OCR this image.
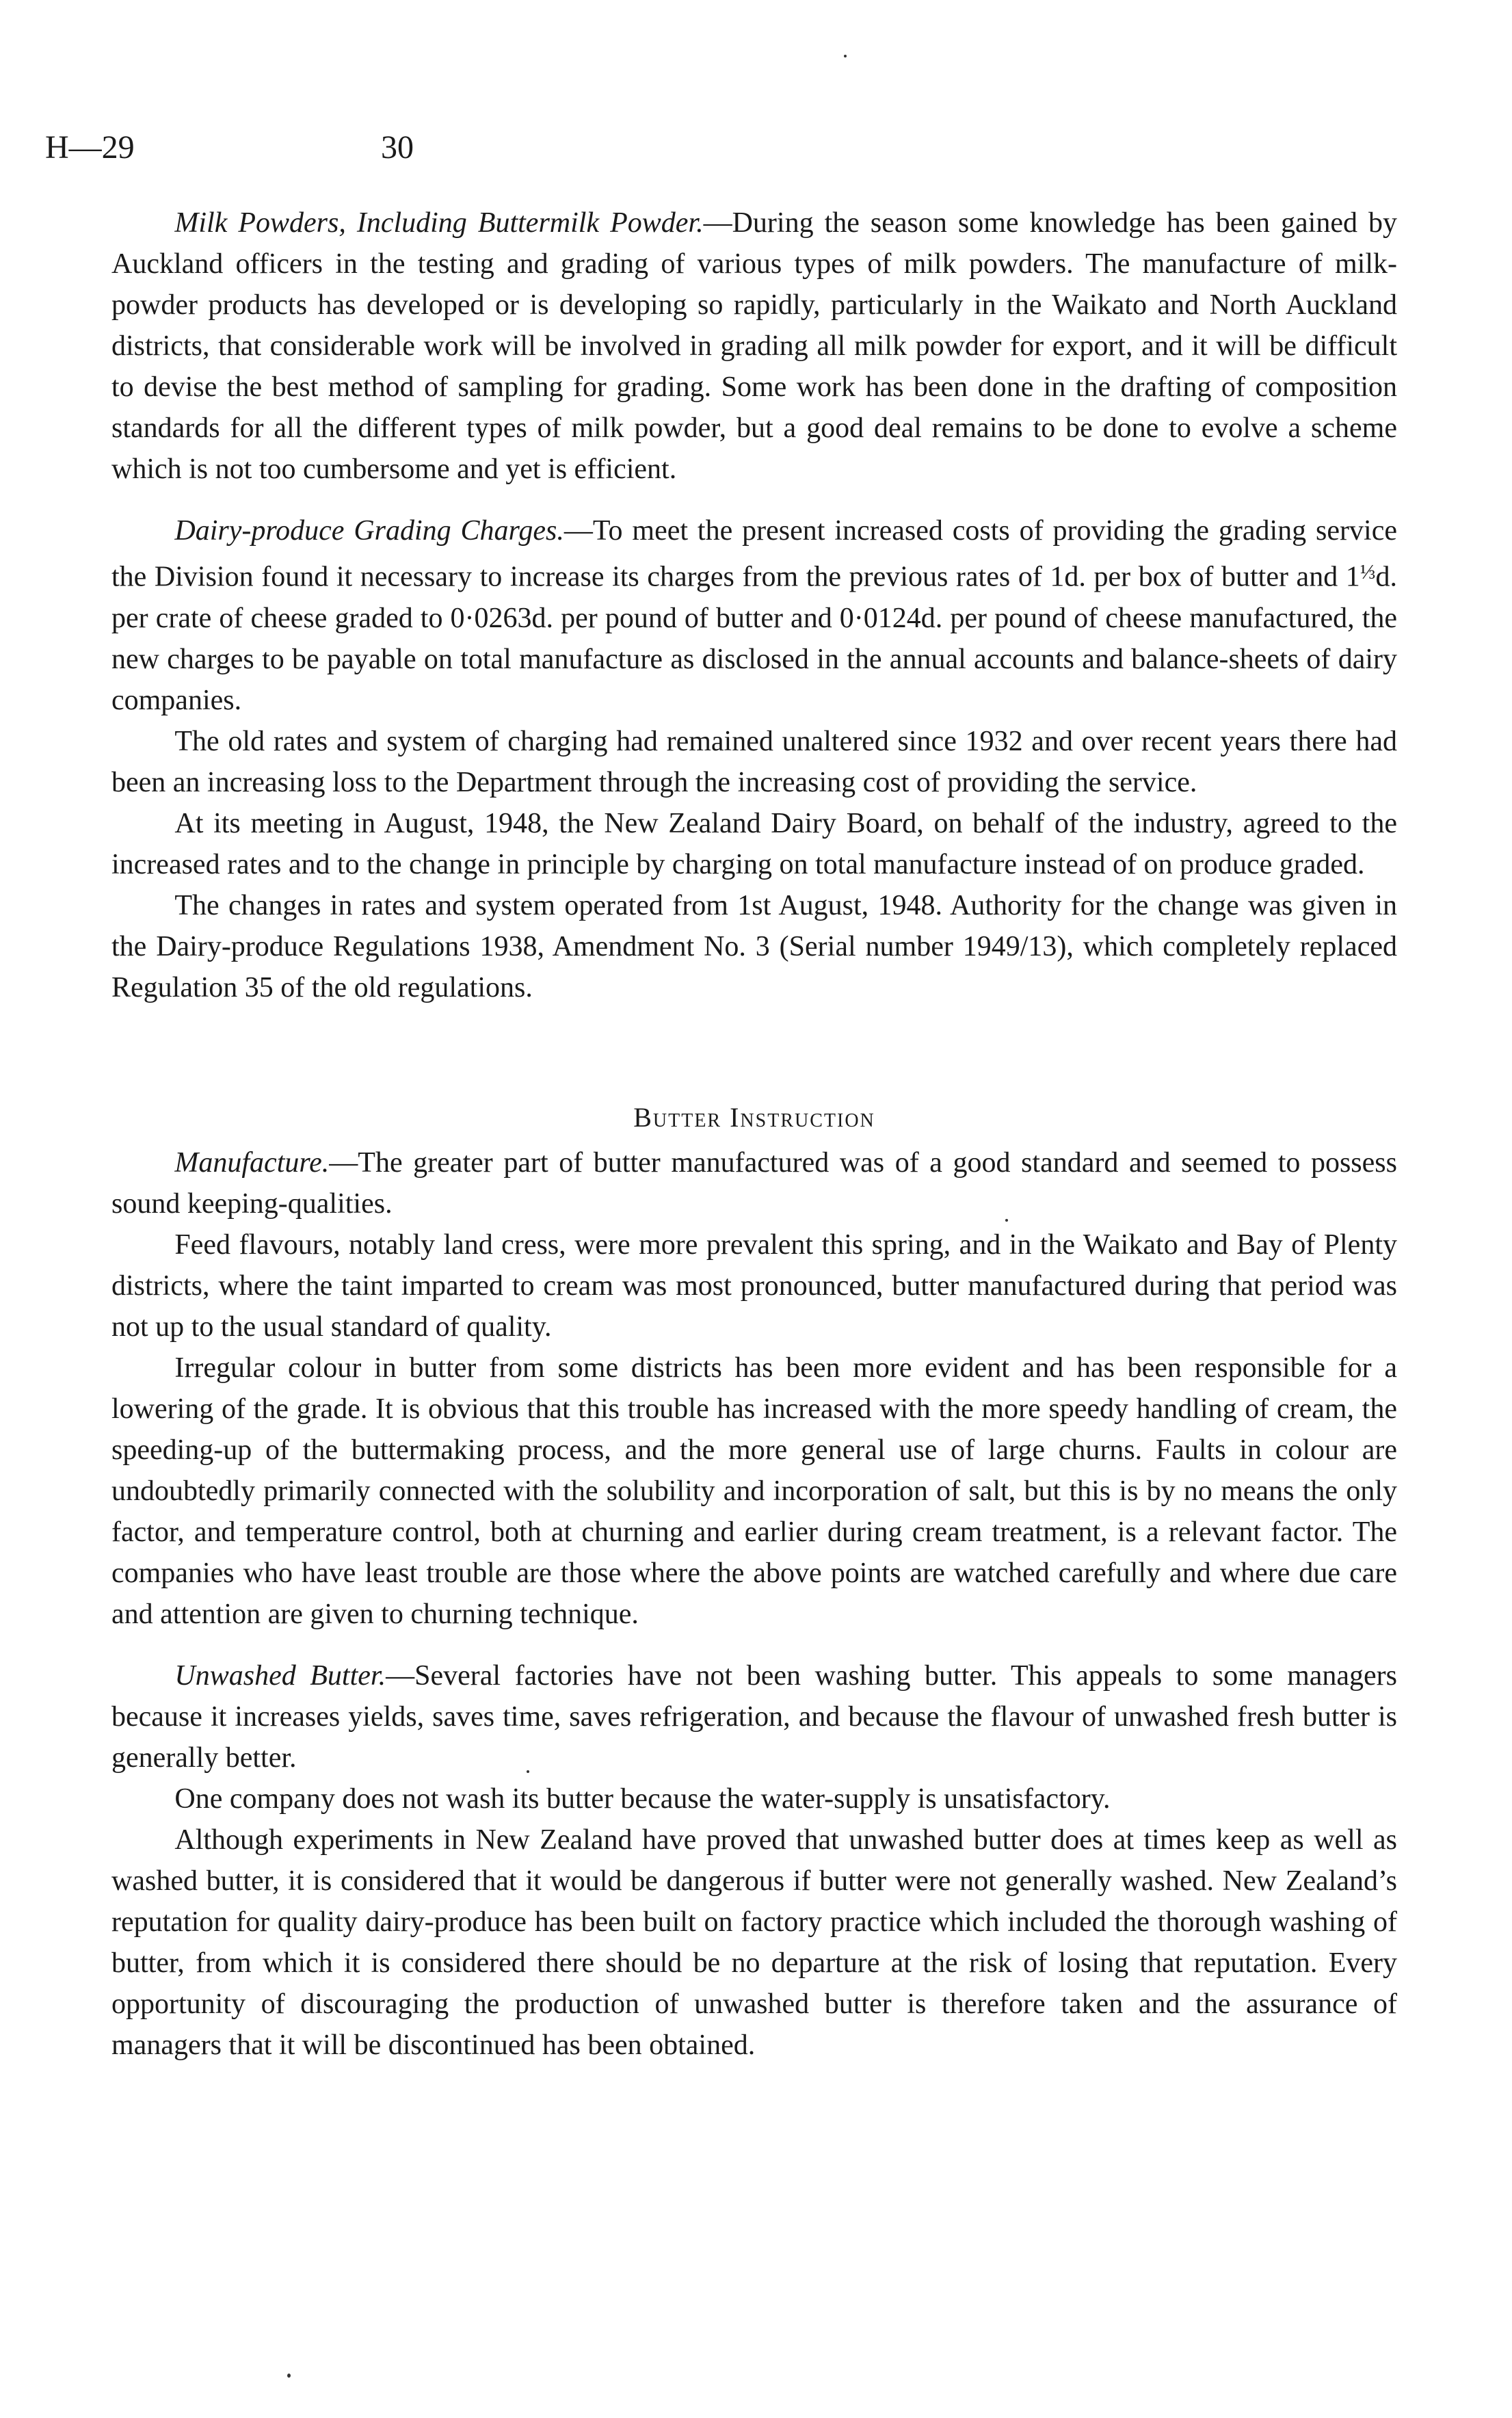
H—29	30

Milk Powders, Including Buttermilk Powder.—During the season some knowledge has been gained by Auckland officers in the testing and grading of various types of milk powders. The manufacture of milk-powder products has developed or is developing so rapidly, particularly in the Waikato and North Auckland districts, that considerable work will be involved in grading all milk powder for export, and it will be difficult to devise the best method of sampling for grading. Some work has been done in the drafting of composition standards for all the different types of milk powder, but a good deal remains to be done to evolve a scheme which is not too cumbersome and yet is efficient.

Dairy-produce Grading Charges.—To meet the present increased costs of providing the grading service the Division found it necessary to increase its charges from the previous rates of 1d. per box of butter and $1^{\frac{1}{3}}d$. per crate of cheese graded to 0·0263d. per pound of butter and 0·0124d. per pound of cheese manufactured, the new charges to be payable on total manufacture as disclosed in the annual accounts and balance-sheets of dairy companies.

The old rates and system of charging had remained unaltered since 1932 and over recent years there had been an increasing loss to the Department through the increasing cost of providing the service.

At its meeting in August, 1948, the New Zealand Dairy Board, on behalf of the industry, agreed to the increased rates and to the change in principle by charging on total manufacture instead of on produce graded.

The changes in rates and system operated from 1st August, 1948. Authority for the change was given in the Dairy-produce Regulations 1938, Amendment No. 3 (Serial number 1949/13), which completely replaced Regulation 35 of the old regulations.

Butter Instruction

Manufacture.—The greater part of butter manufactured was of a good standard and seemed to possess sound keeping-qualities.

Feed flavours, notably land cress, were more prevalent this spring, and in the Waikato and Bay of Plenty districts, where the taint imparted to cream was most pronounced, butter manufactured during that period was not up to the usual standard of quality.

Irregular colour in butter from some districts has been more evident and has been responsible for a lowering of the grade. It is obvious that this trouble has increased with the more speedy handling of cream, the speeding-up of the buttermaking process, and the more general use of large churns. Faults in colour are undoubtedly primarily connected with the solubility and incorporation of salt, but this is by no means the only factor, and temperature control, both at churning and earlier during cream treatment, is a relevant factor. The companies who have least trouble are those where the above points are watched carefully and where due care and attention are given to churning technique.

Unwashed Butter.—Several factories have not been washing butter. This appeals to some managers because it increases yields, saves time, saves refrigeration, and because the flavour of unwashed fresh butter is generally better.

One company does not wash its butter because the water-supply is unsatisfactory.

Although experiments in New Zealand have proved that unwashed butter does at times keep as well as washed butter, it is considered that it would be dangerous if butter were not generally washed. New Zealand’s reputation for quality dairy-produce has been built on factory practice which included the thorough washing of butter, from which it is considered there should be no departure at the risk of losing that reputation. Every opportunity of discouraging the production of unwashed butter is therefore taken and the assurance of managers that it will be discontinued has been obtained.
